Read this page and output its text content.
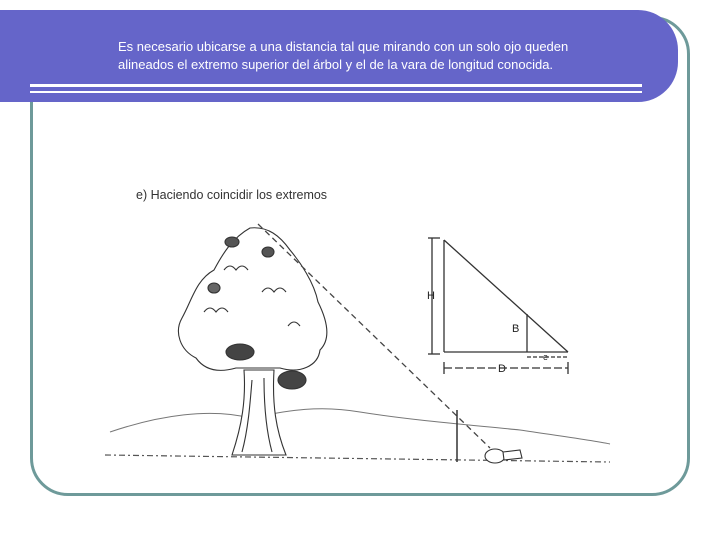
Es necesario ubicarse a una distancia tal que mirando con un solo ojo queden

alineados el extremo superior del árbol y el de la vara de longitud conocida.

e) Haciendo coincidir los extremos
H
B
D
e
